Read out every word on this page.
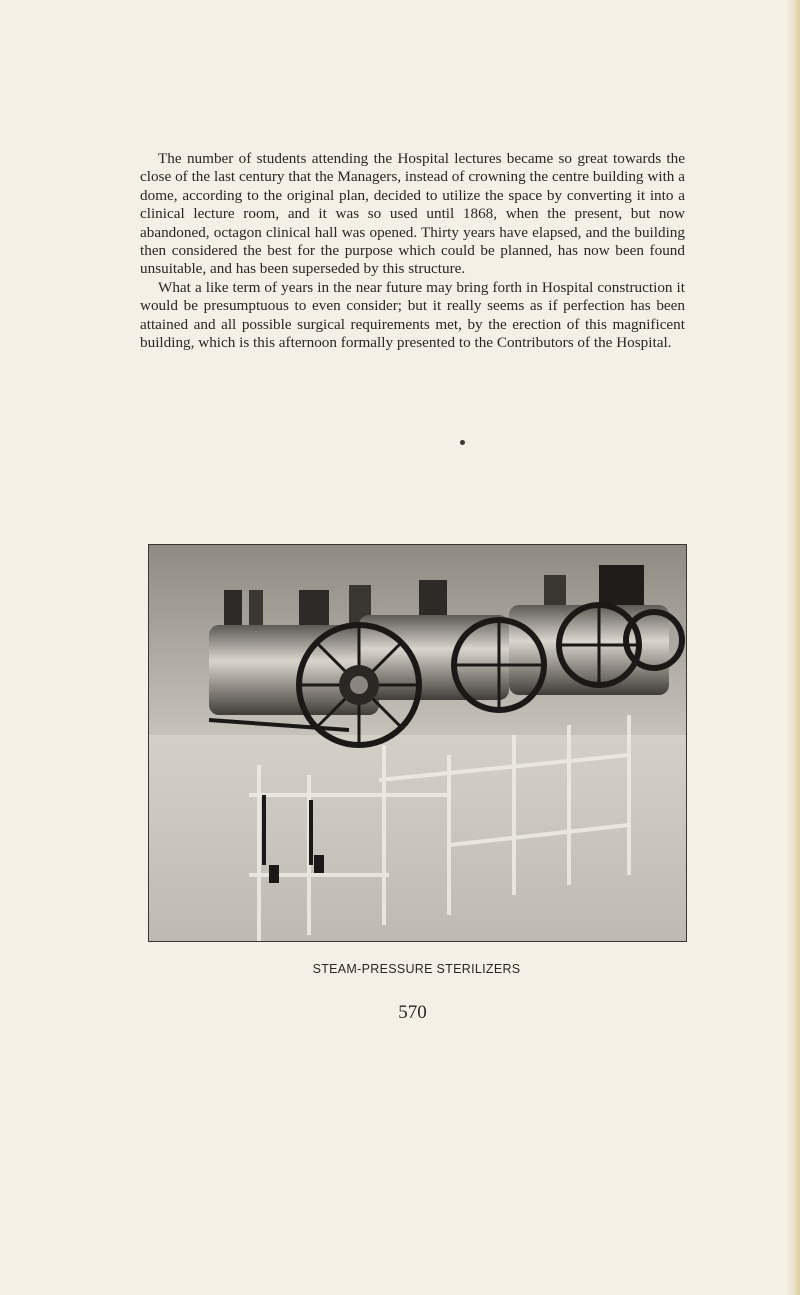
The number of students attending the Hospital lectures became so great towards the close of the last century that the Managers, instead of crowning the centre building with a dome, according to the original plan, decided to utilize the space by converting it into a clinical lecture room, and it was so used until 1868, when the present, but now abandoned, octagon clinical hall was opened. Thirty years have elapsed, and the building then considered the best for the purpose which could be planned, has now been found unsuitable, and has been superseded by this structure.

What a like term of years in the near future may bring forth in Hospital construction it would be presumptuous to even consider; but it really seems as if perfection has been attained and all possible surgical requirements met, by the erection of this magnificent building, which is this afternoon formally presented to the Contributors of the Hospital.

STEAM-PRESSURE STERILIZERS
570
